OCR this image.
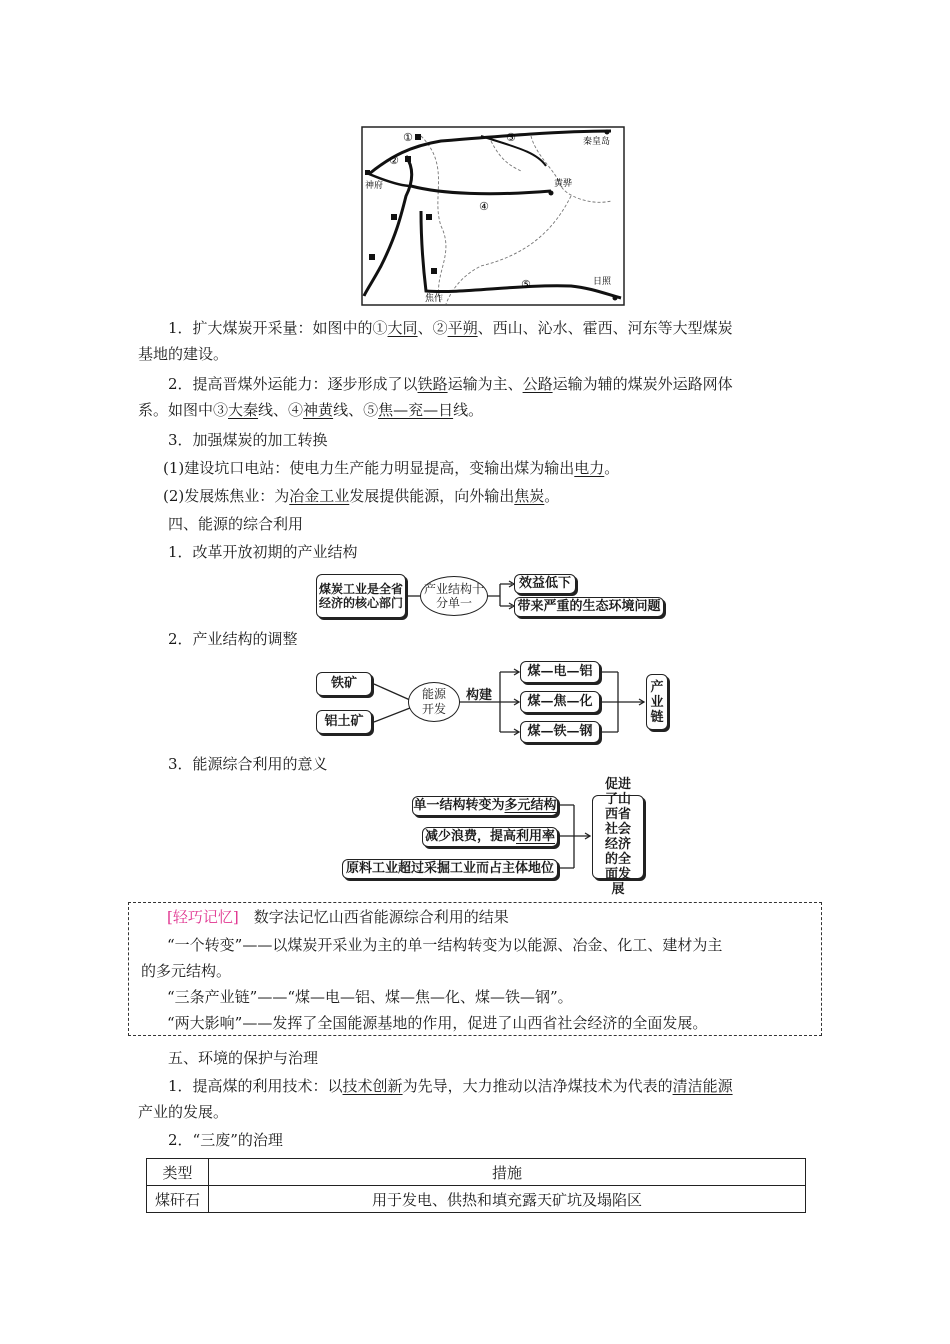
①
②
③
④
⑤
神府
秦皇岛
黄骅
焦作
日照
1．扩大煤炭开采量：如图中的①大同、②平朔、西山、沁水、霍西、河东等大型煤炭
基地的建设。
2．提高晋煤外运能力：逐步形成了以铁路运输为主、公路运输为辅的煤炭外运路网体
系。如图中③大秦线、④神黄线、⑤焦—兖—日线。
3．加强煤炭的加工转换
(1)建设坑口电站：使电力生产能力明显提高，变输出煤为输出电力。
(2)发展炼焦业：为冶金工业发展提供能源，向外输出焦炭。
四、能源的综合利用
1．改革开放初期的产业结构
煤炭工业是全省经济的核心部门
产业结构十分单一
效益低下
带来严重的生态环境问题
2．产业结构的调整
铁矿
铝土矿
能源开发
构建
煤—电—铝
煤—焦—化
煤—铁—钢
产业链
3．能源综合利用的意义
单一结构转变为 多元结构
减少浪费，提高 利用率
原料工业超过采掘工业而占主体地位
促进了山西省社会经济的全面发展
[轻巧记忆]　数字法记忆山西省能源综合利用的结果
“一个转变”——以煤炭开采业为主的单一结构转变为以能源、冶金、化工、建材为主
的多元结构。
“三条产业链”——“煤—电—铝、煤—焦—化、煤—铁—钢”。
“两大影响”——发挥了全国能源基地的作用，促进了山西省社会经济的全面发展。
五、环境的保护与治理
1．提高煤的利用技术：以技术创新为先导，大力推动以洁净煤技术为代表的清洁能源
产业的发展。
2．“三废”的治理
类型	措施
煤矸石	用于发电、供热和填充露天矿坑及塌陷区
